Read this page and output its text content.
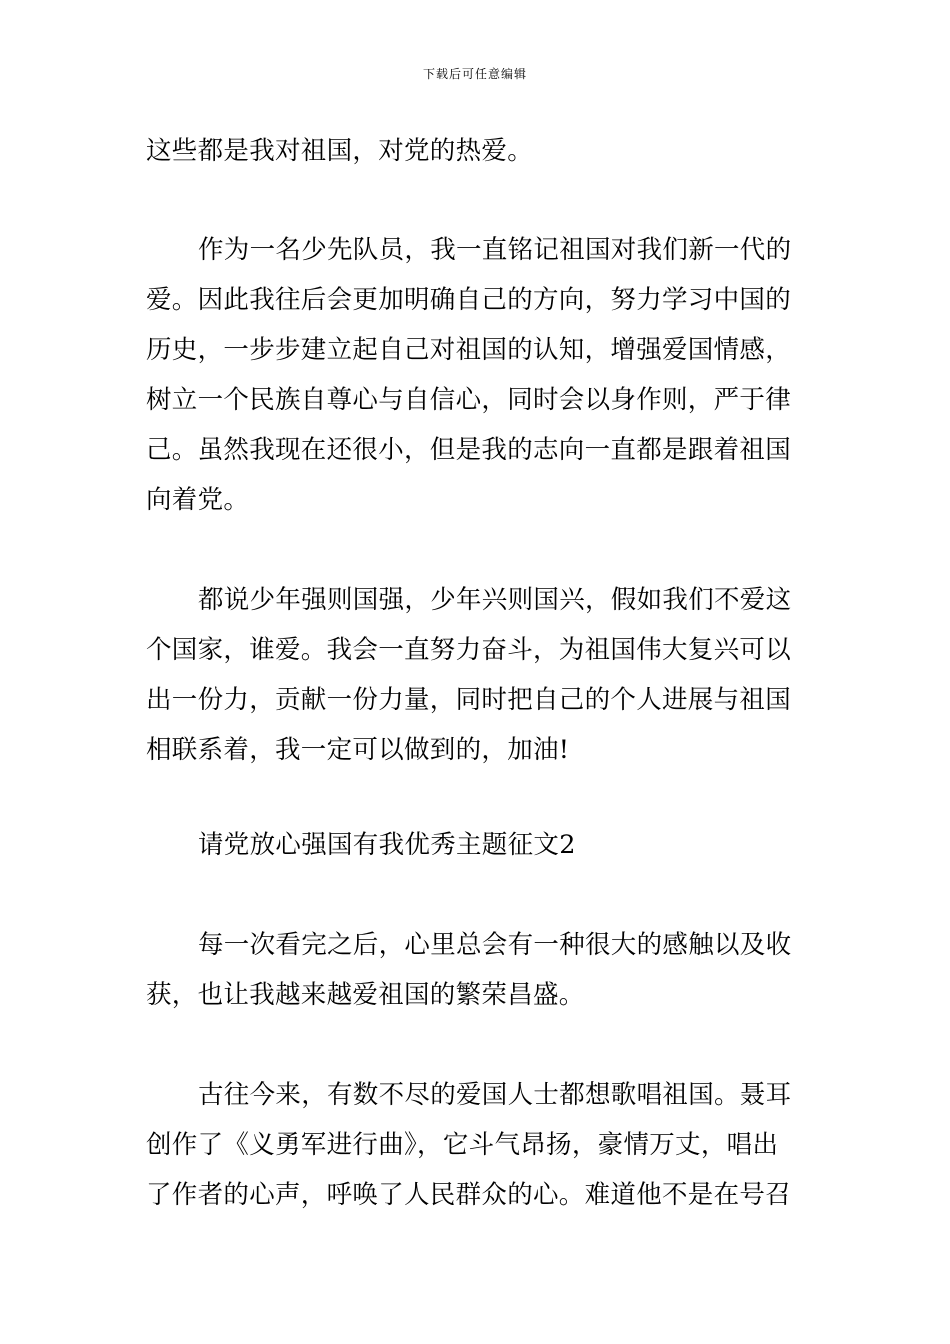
下载后可任意编辑
这些都是我对祖国，对党的热爱。
作为一名少先队员，我一直铭记祖国对我们新一代的
爱。因此我往后会更加明确自己的方向，努力学习中国的
历史，一步步建立起自己对祖国的认知，增强爱国情感，
树立一个民族自尊心与自信心，同时会以身作则，严于律
己。虽然我现在还很小，但是我的志向一直都是跟着祖国
向着党。
都说少年强则国强，少年兴则国兴，假如我们不爱这
个国家，谁爱。我会一直努力奋斗，为祖国伟大复兴可以
出一份力，贡献一份力量，同时把自己的个人进展与祖国
相联系着，我一定可以做到的，加油!
请党放心强国有我优秀主题征文2
每一次看完之后，心里总会有一种很大的感触以及收
获，也让我越来越爱祖国的繁荣昌盛。
古往今来，有数不尽的爱国人士都想歌唱祖国。聂耳
创作了《义勇军进行曲》，它斗气昂扬，豪情万丈，唱出
了作者的心声，呼唤了人民群众的心。难道他不是在号召
